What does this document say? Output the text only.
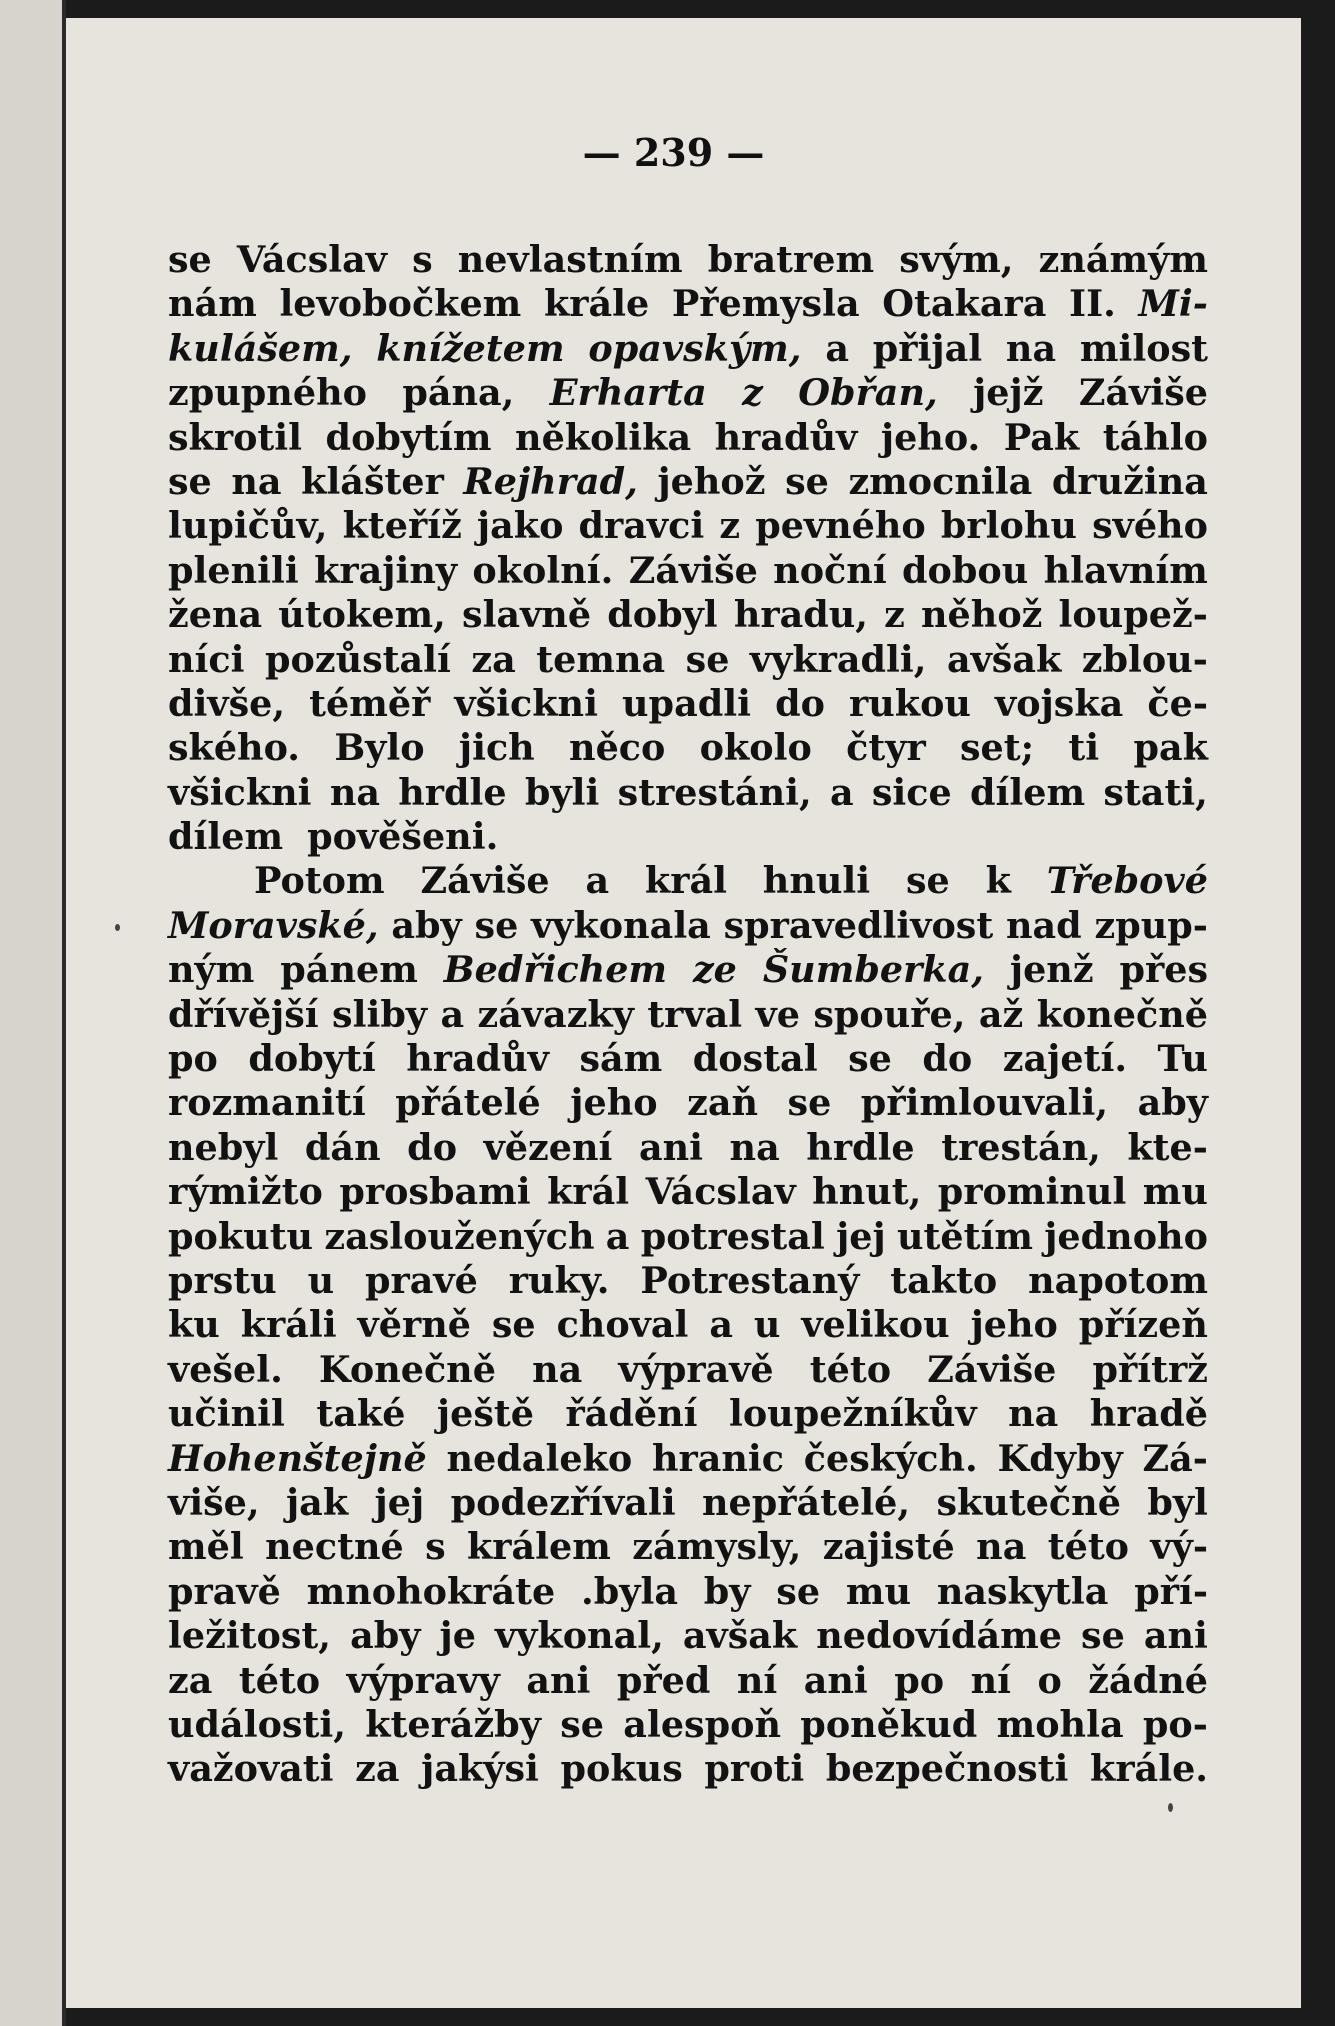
— 239 —
se Vácslav s nevlastním bratrem svým, známým
nám levobočkem krále Přemysla Otakara II. Mi-
kulášem, knížetem opavským, a přijal na milost
zpupného pána, Erharta z Obřan, jejž Záviše
skrotil dobytím několika hradův jeho. Pak táhlo
se na klášter Rejhrad, jehož se zmocnila družina
lupičův, kteříž jako dravci z pevného brlohu svého
plenili krajiny okolní. Záviše noční dobou hlavním
žena útokem, slavně dobyl hradu, z něhož loupež-
níci pozůstalí za temna se vykradli, avšak zblou-
divše, téměř všickni upadli do rukou vojska če-
ského. Bylo jich něco okolo čtyr set; ti pak
všickni na hrdle byli strestáni, a sice dílem stati,
dílem pověšeni.
Potom Záviše a král hnuli se k Třebové
Moravské, aby se vykonala spravedlivost nad zpup-
ným pánem Bedřichem ze Šumberka, jenž přes
dřívější sliby a závazky trval ve spouře, až konečně
po dobytí hradův sám dostal se do zajetí. Tu
rozmanití přátelé jeho zaň se přimlouvali, aby
nebyl dán do vězení ani na hrdle trestán, kte-
rýmižto prosbami král Vácslav hnut, prominul mu
pokutu zasloužených a potrestal jej utětím jednoho
prstu u pravé ruky. Potrestaný takto napotom
ku králi věrně se choval a u velikou jeho přízeň
vešel. Konečně na výpravě této Záviše přítrž
učinil také ještě řádění loupežníkův na hradě
Hohenštejně nedaleko hranic českých. Kdyby Zá-
više, jak jej podezřívali nepřátelé, skutečně byl
měl nectné s králem zámysly, zajisté na této vý-
pravě mnohokráte .byla by se mu naskytla pří-
ležitost, aby je vykonal, avšak nedovídáme se ani
za této výpravy ani před ní ani po ní o žádné
události, kterážby se alespoň poněkud mohla po-
važovati za jakýsi pokus proti bezpečnosti krále.
